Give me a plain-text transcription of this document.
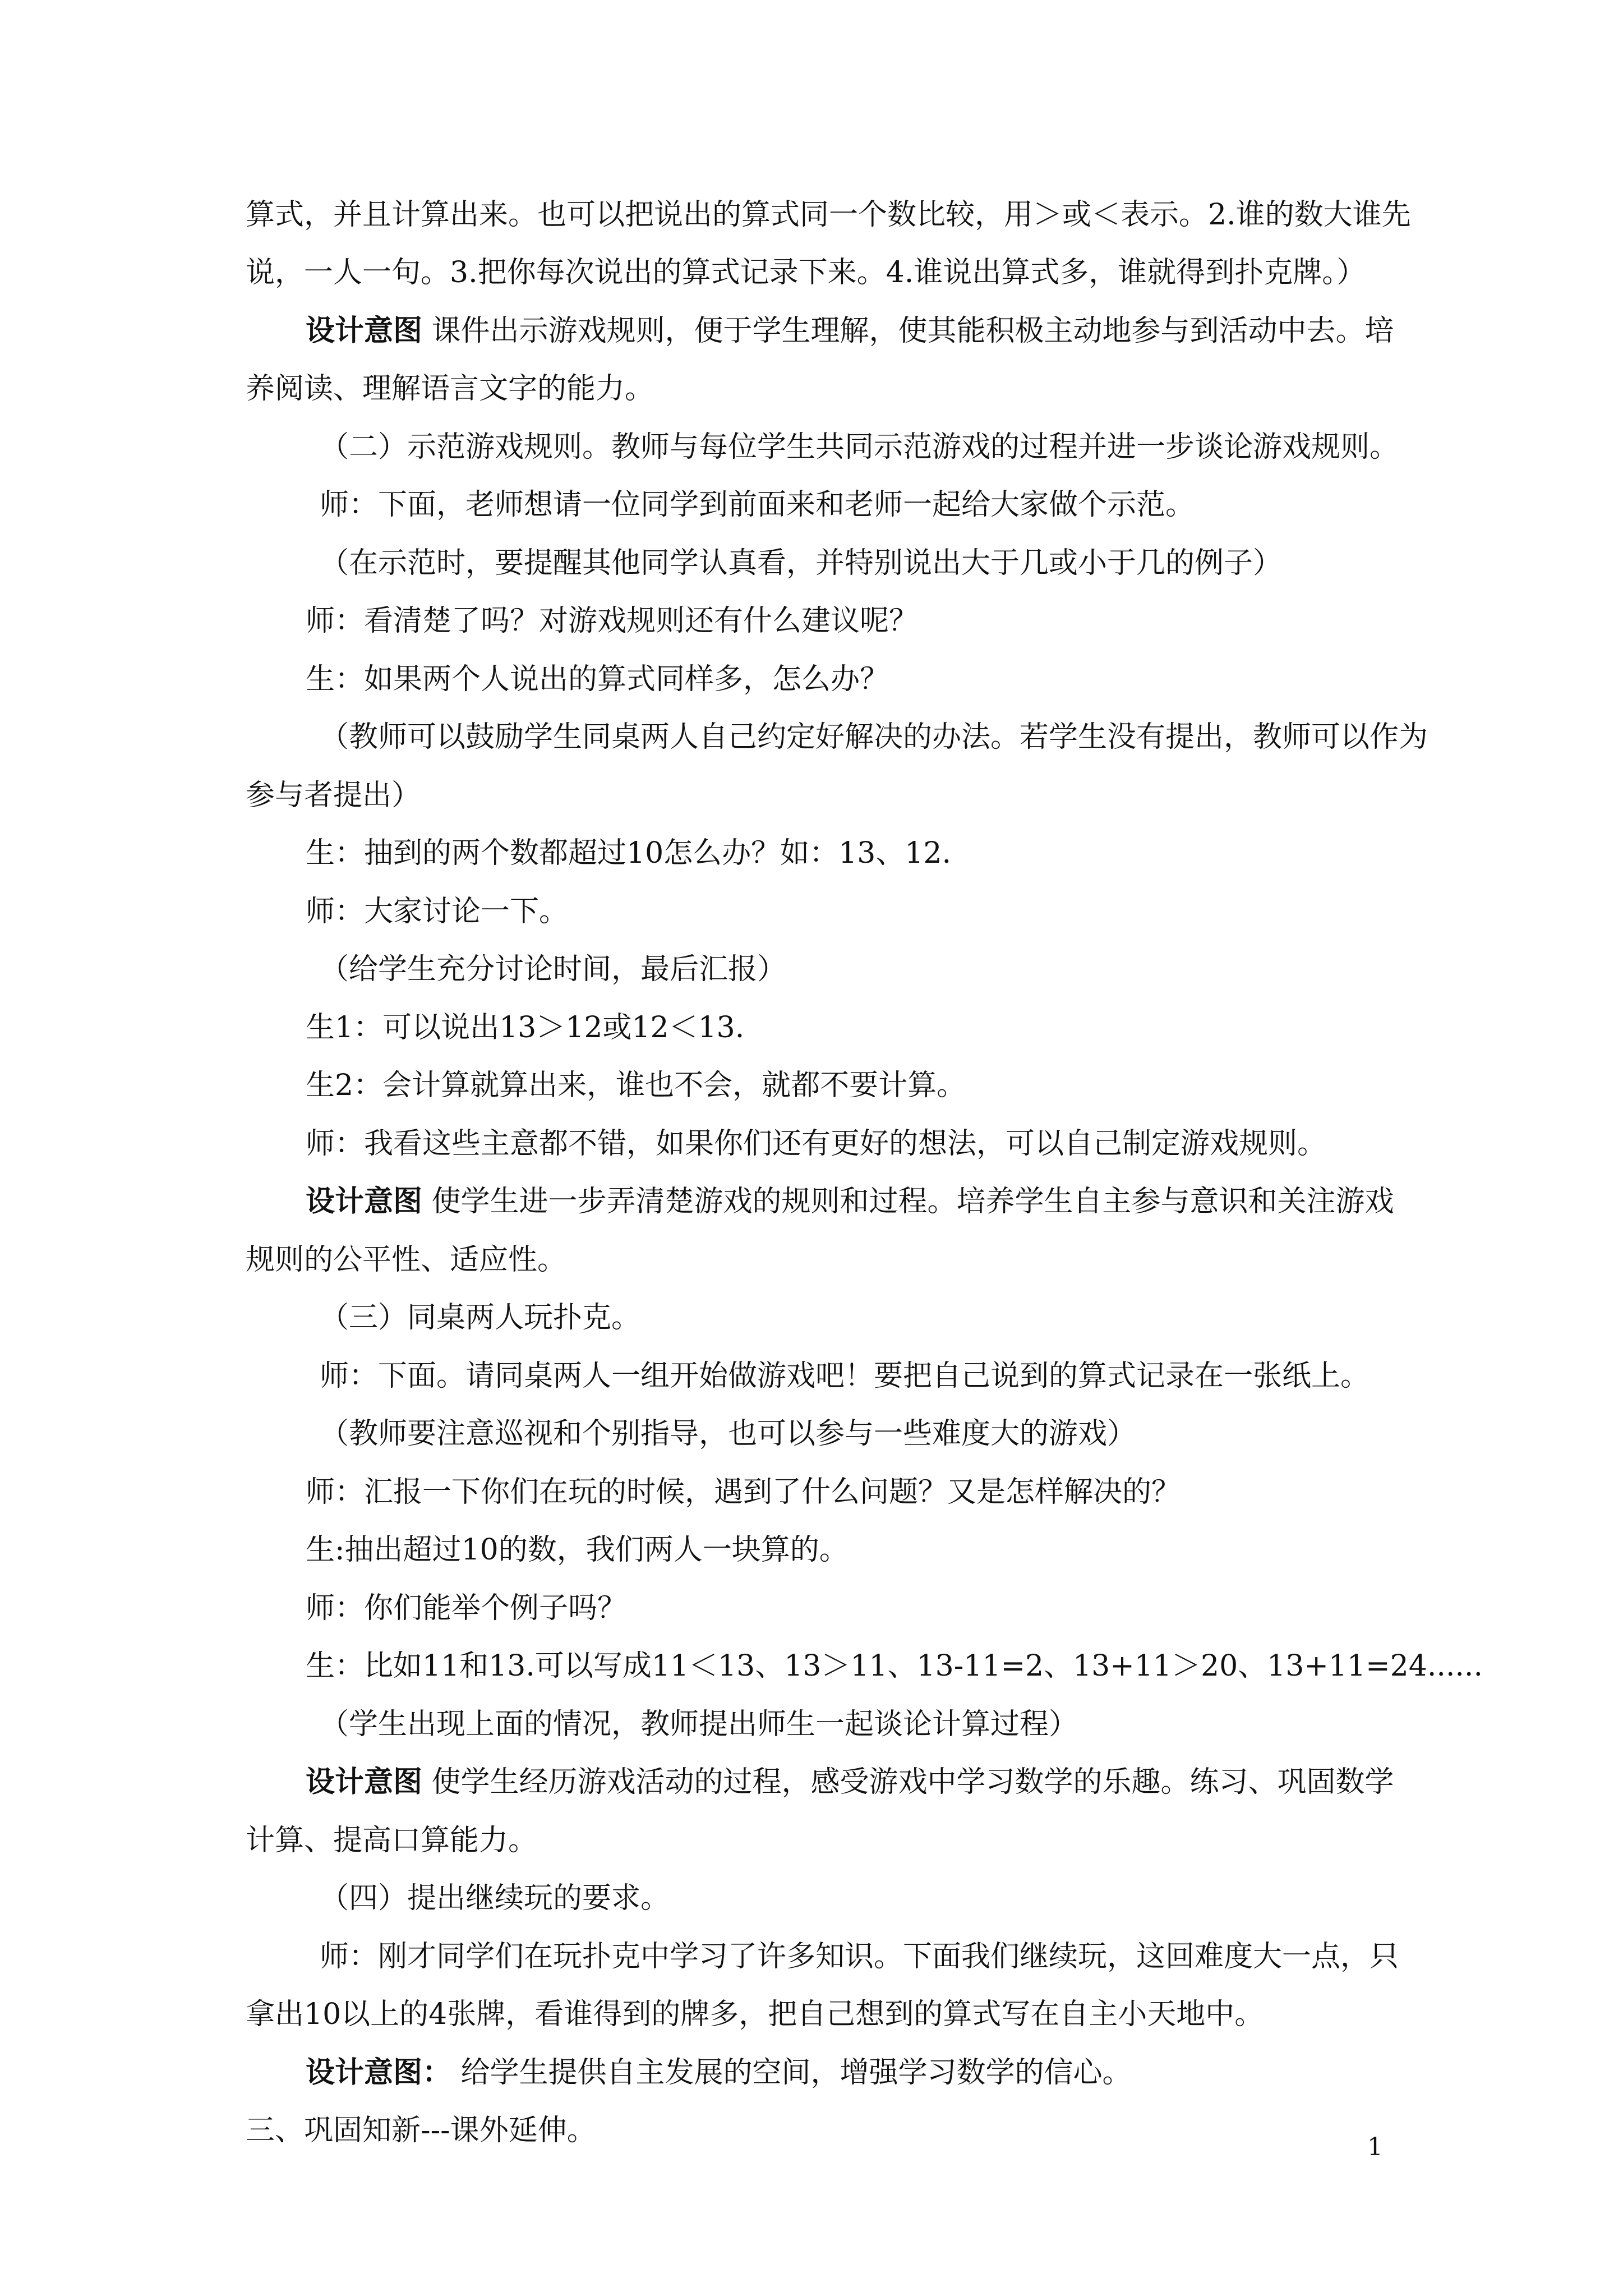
算式，并且计算出来。也可以把说出的算式同一个数比较，用＞或＜表示。2.谁的数大谁先
说，一人一句。3.把你每次说出的算式记录下来。4.谁说出算式多，谁就得到扑克牌。）
设计意图 课件出示游戏规则，便于学生理解，使其能积极主动地参与到活动中去。培
养阅读、理解语言文字的能力。
（二）示范游戏规则。教师与每位学生共同示范游戏的过程并进一步谈论游戏规则。
师：下面，老师想请一位同学到前面来和老师一起给大家做个示范。
（在示范时，要提醒其他同学认真看，并特别说出大于几或小于几的例子）
师：看清楚了吗？对游戏规则还有什么建议呢？
生：如果两个人说出的算式同样多，怎么办？
（教师可以鼓励学生同桌两人自己约定好解决的办法。若学生没有提出，教师可以作为
参与者提出）
生：抽到的两个数都超过10怎么办？如：13、12.
师：大家讨论一下。
（给学生充分讨论时间，最后汇报）
生1：可以说出13＞12或12＜13.
生2：会计算就算出来，谁也不会，就都不要计算。
师：我看这些主意都不错，如果你们还有更好的想法，可以自己制定游戏规则。
设计意图 使学生进一步弄清楚游戏的规则和过程。培养学生自主参与意识和关注游戏
规则的公平性、适应性。
（三）同桌两人玩扑克。
师：下面。请同桌两人一组开始做游戏吧！要把自己说到的算式记录在一张纸上。
（教师要注意巡视和个别指导，也可以参与一些难度大的游戏）
师：汇报一下你们在玩的时候，遇到了什么问题？又是怎样解决的？
生:抽出超过10的数，我们两人一块算的。
师：你们能举个例子吗？
生：比如11和13.可以写成11＜13、13＞11、13-11=2、13+11＞20、13+11=24......
（学生出现上面的情况，教师提出师生一起谈论计算过程）
设计意图 使学生经历游戏活动的过程，感受游戏中学习数学的乐趣。练习、巩固数学
计算、提高口算能力。
（四）提出继续玩的要求。
师：刚才同学们在玩扑克中学习了许多知识。下面我们继续玩，这回难度大一点，只
拿出10以上的4张牌，看谁得到的牌多，把自己想到的算式写在自主小天地中。
设计意图： 给学生提供自主发展的空间，增强学习数学的信心。
三、巩固知新---课外延伸。	1
